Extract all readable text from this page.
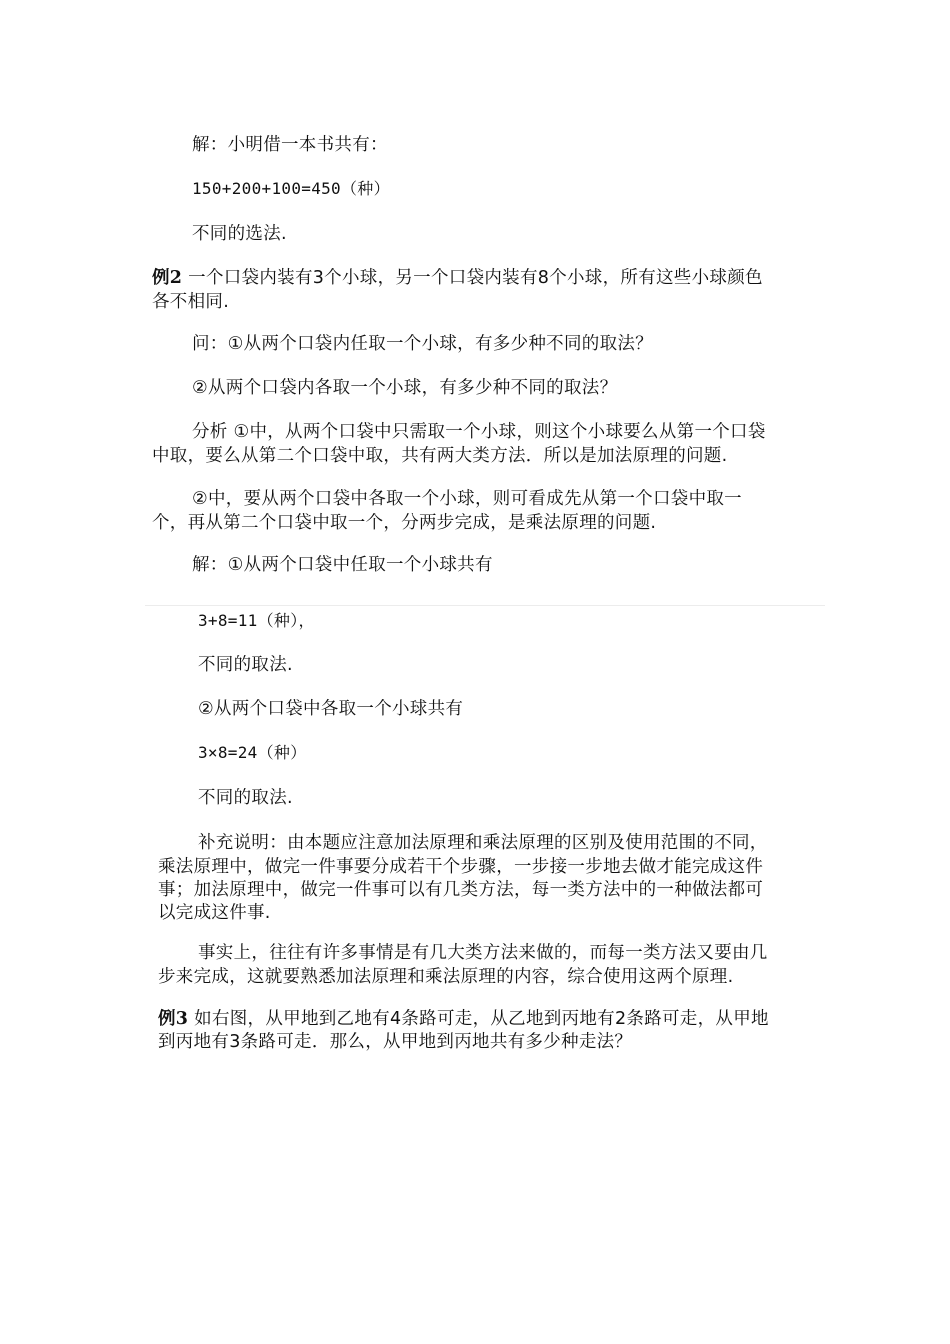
解：小明借一本书共有：
150+200+100=450（种）
不同的选法.
例2 一个口袋内装有3个小球，另一个口袋内装有8个小球，所有这些小球颜色
各不相同.
问：①从两个口袋内任取一个小球，有多少种不同的取法？
②从两个口袋内各取一个小球，有多少种不同的取法？
分析 ①中，从两个口袋中只需取一个小球，则这个小球要么从第一个口袋
中取，要么从第二个口袋中取，共有两大类方法．所以是加法原理的问题.
②中，要从两个口袋中各取一个小球，则可看成先从第一个口袋中取一
个，再从第二个口袋中取一个，分两步完成，是乘法原理的问题.
解：①从两个口袋中任取一个小球共有
3+8=11（种），
不同的取法.
②从两个口袋中各取一个小球共有
3×8=24（种）
不同的取法.
补充说明：由本题应注意加法原理和乘法原理的区别及使用范围的不同，
乘法原理中，做完一件事要分成若干个步骤，一步接一步地去做才能完成这件
事；加法原理中，做完一件事可以有几类方法，每一类方法中的一种做法都可
以完成这件事.
事实上，往往有许多事情是有几大类方法来做的，而每一类方法又要由几
步来完成，这就要熟悉加法原理和乘法原理的内容，综合使用这两个原理.
例3 如右图，从甲地到乙地有4条路可走，从乙地到丙地有2条路可走，从甲地
到丙地有3条路可走．那么，从甲地到丙地共有多少种走法？
